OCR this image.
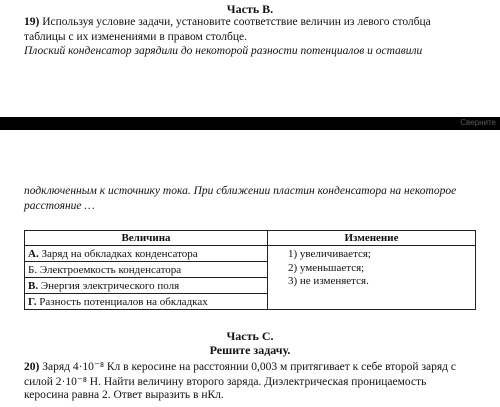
Часть В.
19) Используя условие задачи, установите соответствие величин из левого столбца
таблицы с их изменениями в правом столбце.
Плоский конденсатор зарядили до некоторой разности потенциалов и оставили
Сверните
подключенным к источнику тока. При сближении пластин конденсатора на некоторое
расстояние …
Величина	Изменение
А. Заряд на обкладках конденсатора	1) увеличивается;
2) уменьшается;
3) не изменяется.

Б. Электроемкость конденсатора	
В. Энергия электрического поля	
Г. Разность потенциалов на обкладках	
Часть С.
Решите задачу.
20) Заряд 4·10⁻⁸ Кл в керосине на расстоянии 0,003 м притягивает к себе второй заряд с
силой 2·10⁻⁸ Н. Найти величину второго заряда. Диэлектрическая проницаемость
керосина равна 2. Ответ выразить в нКл.
